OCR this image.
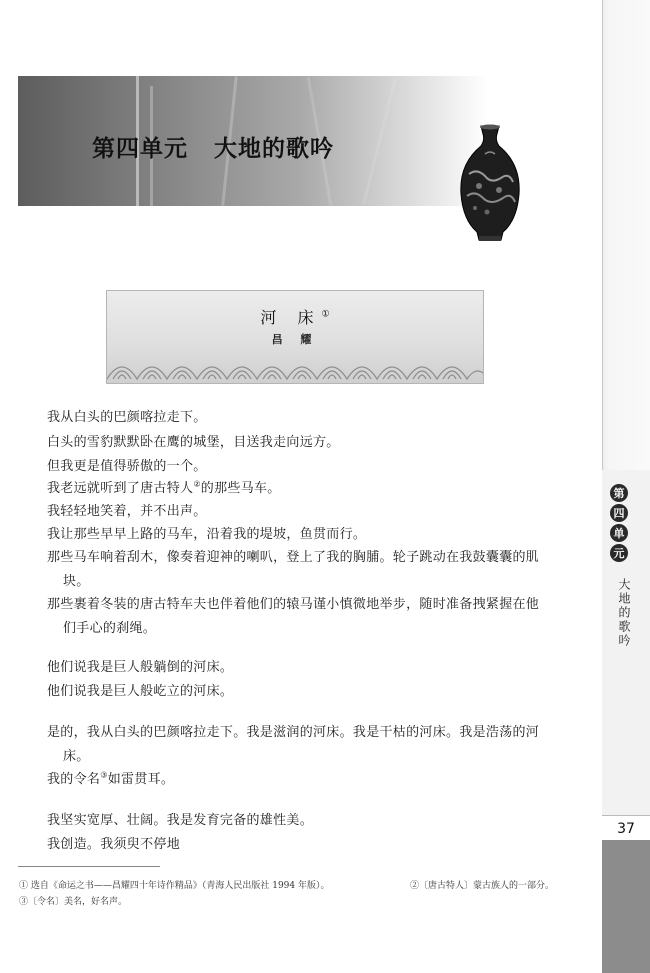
第
四
单
元
大地的歌吟
37
第四单元 大地的歌吟
河 床①
昌 耀
我从白头的巴颜喀拉走下。
白头的雪豹默默卧在鹰的城堡，目送我走向远方。
但我更是值得骄傲的一个。
我老远就听到了唐古特人②的那些马车。
我轻轻地笑着，并不出声。
我让那些早早上路的马车，沿着我的堤坡，鱼贯而行。
那些马车响着刮木，像奏着迎神的喇叭，登上了我的胸脯。轮子跳动在我鼓囊囊的肌
块。
那些裹着冬装的唐古特车夫也伴着他们的辕马谨小慎微地举步，随时准备拽紧握在他
们手心的刹绳。
他们说我是巨人般躺倒的河床。
他们说我是巨人般屹立的河床。
是的，我从白头的巴颜喀拉走下。我是滋润的河床。我是干枯的河床。我是浩荡的河
床。
我的令名③如雷贯耳。
我坚实宽厚、壮阔。我是发育完备的雄性美。
我创造。我须臾不停地
① 选自《命运之书——昌耀四十年诗作精品》（青海人民出版社 1994 年版）。	②〔唐古特人〕蒙古族人的一部分。
③〔令名〕美名，好名声。
